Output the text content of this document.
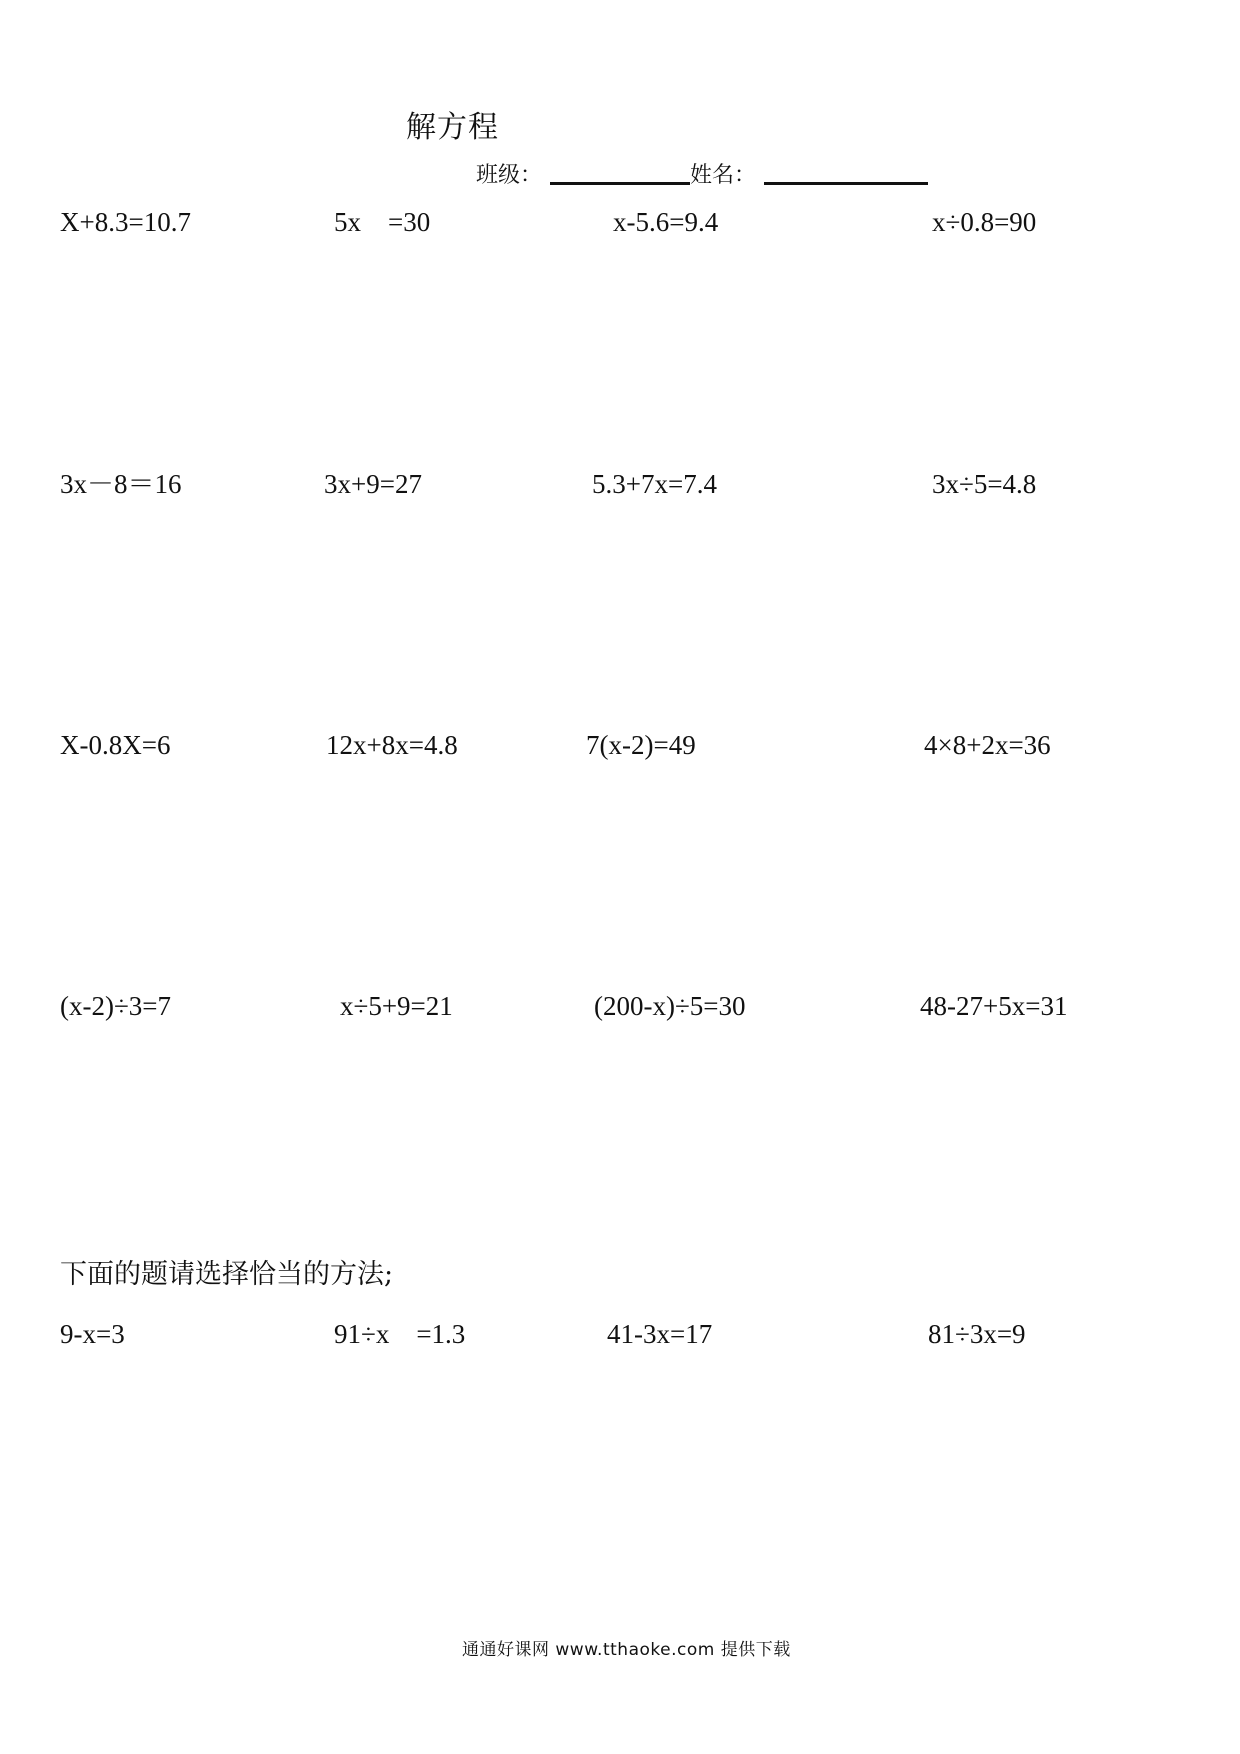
解方程
班级：	姓名：
X+8.3=10.7	5x　=30	x-5.6=9.4	x÷0.8=90
3x－8＝16	3x+9=27	5.3+7x=7.4	3x÷5=4.8
X-0.8X=6	12x+8x=4.8	7(x-2)=49	4×8+2x=36
(x-2)÷3=7	x÷5+9=21	(200-x)÷5=30	48-27+5x=31
下面的题请选择恰当的方法;
9-x=3	91÷x　=1.3	41-3x=17	81÷3x=9
通通好课网 www.tthaoke.com 提供下载
